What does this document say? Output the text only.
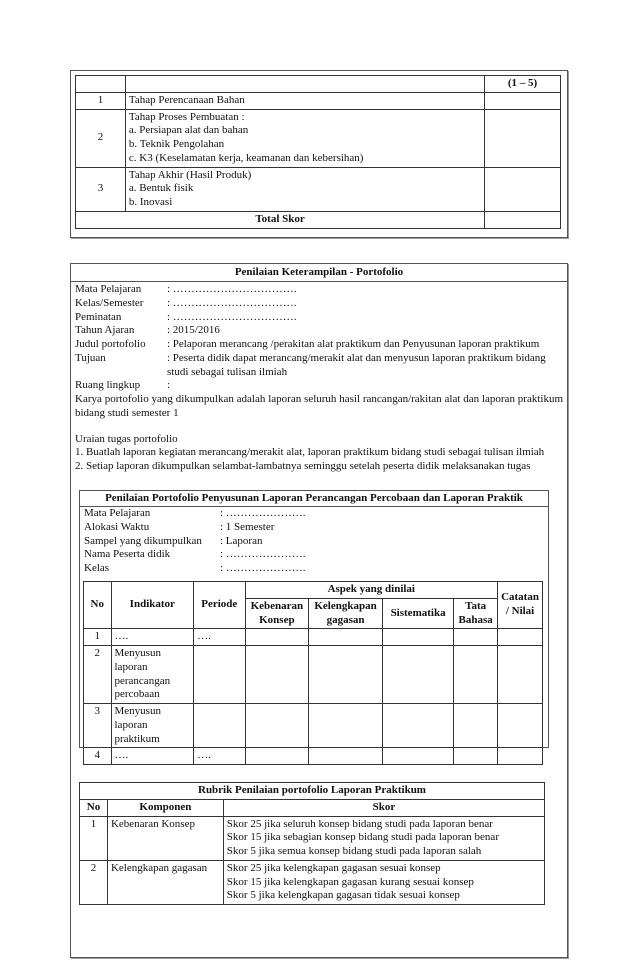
		(1 – 5)
1	Tahap Perencanaan Bahan	

2	Tahap Proses Pembuatan :
a. Persiapan alat dan bahan
b. Teknik Pengolahan
c. K3 (Keselamatan kerja, keamanan dan kebersihan)	

3	Tahap Akhir (Hasil Produk)
a. Bentuk fisik
b. Inovasi	

Total Skor		
Penilaian Keterampilan - Portofolio
Mata Pelajaran	: …………………………….
Kelas/Semester	: …………………………….
Peminatan	: …………………………….
Tahun Ajaran	: 2015/2016
Judul portofolio	: Pelaporan merancang /perakitan alat praktikum dan Penyusunan laporan praktikum
Tujuan	: Peserta didik dapat merancang/merakit alat dan menyusun laporan praktikum bidang studi sebagai tulisan ilmiah
Ruang lingkup	:

Karya portofolio yang dikumpulkan adalah laporan seluruh hasil rancangan/rakitan alat dan laporan praktikum bidang studi semester 1

Uraian tugas portofolio

1. Buatlah laporan kegiatan merancang/merakit alat, laporan praktikum bidang studi sebagai tulisan ilmiah

2. Setiap laporan dikumpulkan selambat-lambatnya seminggu setelah peserta didik melaksanakan tugas

Penilaian Portofolio Penyusunan Laporan Perancangan Percobaan dan Laporan Praktik
Mata Pelajaran	: ………………….
Alokasi Waktu	: 1 Semester
Sampel yang dikumpulkan	: Laporan
Nama Peserta didik	: ………………….
Kelas	: ………………….
No	Indikator	Periode	Aspek yang dinilai				Catatan / Nilai
			Kebenaran Konsep	Kelengkapan gagasan	Sistematika	Tata Bahasa	
1	….	….					
2	Menyusun laporan perancangan percobaan						
3	Menyusun laporan praktikum						
4	….	….					
Rubrik Penilaian portofolio Laporan Praktikum		
No	Komponen	Skor
1	Kebenaran Konsep	Skor 25 jika seluruh konsep bidang studi pada laporan benar
Skor 15 jika sebagian konsep bidang studi pada laporan benar
Skor 5 jika semua konsep bidang studi pada laporan salah

2	Kelengkapan gagasan	Skor 25 jika kelengkapan gagasan sesuai konsep
Skor 15 jika kelengkapan gagasan kurang sesuai konsep
Skor 5 jika kelengkapan gagasan tidak sesuai konsep
